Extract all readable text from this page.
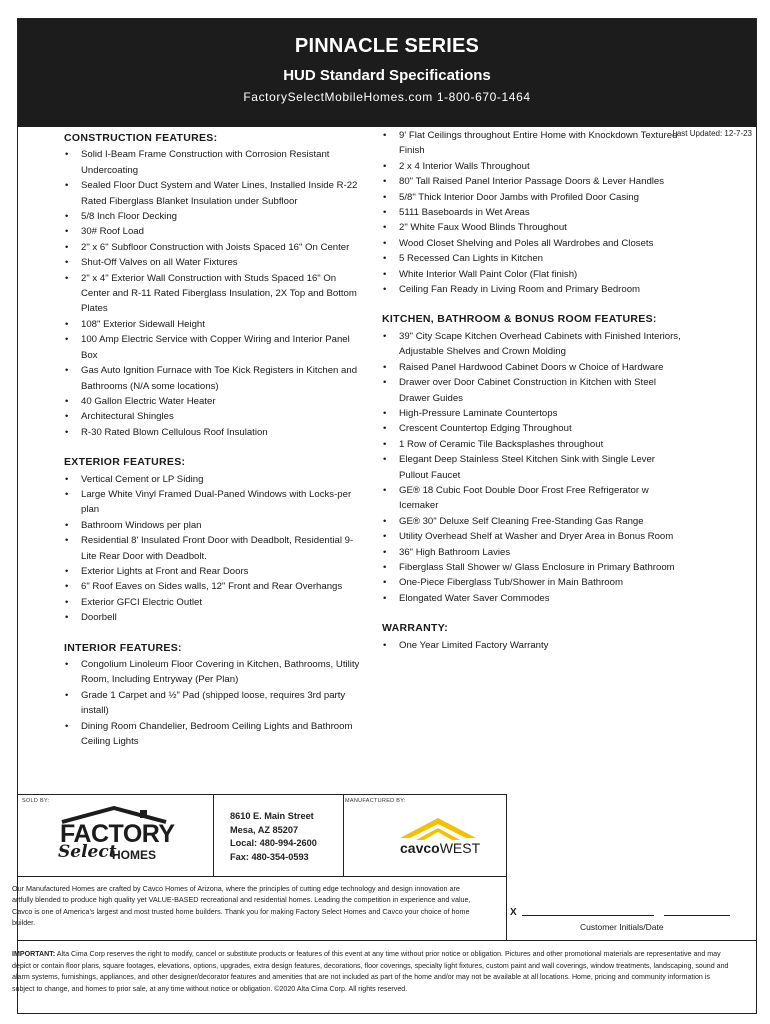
PINNACLE SERIES
HUD Standard Specifications
FactorySelectMobileHomes.com 1-800-670-1464
Last Updated: 12-7-23
CONSTRUCTION FEATURES:
• Solid I-Beam Frame Construction with Corrosion Resistant Undercoating
• Sealed Floor Duct System and Water Lines, Installed Inside R-22 Rated Fiberglass Blanket Insulation under Subfloor
• 5/8 Inch Floor Decking
• 30# Roof Load
• 2" x 6" Subfloor Construction with Joists Spaced 16" On Center
• Shut-Off Valves on all Water Fixtures
• 2" x 4" Exterior Wall Construction with Studs Spaced 16" On Center and R-11 Rated Fiberglass Insulation, 2X Top and Bottom Plates
• 108" Exterior Sidewall Height
• 100 Amp Electric Service with Copper Wiring and Interior Panel Box
• Gas Auto Ignition Furnace with Toe Kick Registers in Kitchen and Bathrooms (N/A some locations)
• 40 Gallon Electric Water Heater
• Architectural Shingles
• R-30 Rated Blown Cellulous Roof Insulation
EXTERIOR FEATURES:
• Vertical Cement or LP Siding
• Large White Vinyl Framed Dual-Paned Windows with Locks-per plan
• Bathroom Windows per plan
• Residential 8' Insulated Front Door with Deadbolt, Residential 9-Lite Rear Door with Deadbolt.
• Exterior Lights at Front and Rear Doors
• 6" Roof Eaves on Sides walls, 12" Front and Rear Overhangs
• Exterior GFCI Electric Outlet
• Doorbell
INTERIOR FEATURES:
• Congolium Linoleum Floor Covering in Kitchen, Bathrooms, Utility Room, Including Entryway (Per Plan)
• Grade 1 Carpet and ½" Pad (shipped loose, requires 3rd party install)
• Dining Room Chandelier, Bedroom Ceiling Lights and Bathroom Ceiling Lights
• 9' Flat Ceilings throughout Entire Home with Knockdown Textured Finish
• 2 x 4 Interior Walls Throughout
• 80" Tall Raised Panel Interior Passage Doors & Lever Handles
• 5/8" Thick Interior Door Jambs with Profiled Door Casing
• 5111 Baseboards in Wet Areas
• 2" White Faux Wood Blinds Throughout
• Wood Closet Shelving and Poles all Wardrobes and Closets
• 5 Recessed Can Lights in Kitchen
• White Interior Wall Paint Color (Flat finish)
• Ceiling Fan Ready in Living Room and Primary Bedroom
KITCHEN, BATHROOM & BONUS ROOM FEATURES:
• 39" City Scape Kitchen Overhead Cabinets with Finished Interiors, Adjustable Shelves and Crown Molding
• Raised Panel Hardwood Cabinet Doors w Choice of Hardware
• Drawer over Door Cabinet Construction in Kitchen with Steel Drawer Guides
• High-Pressure Laminate Countertops
• Crescent Countertop Edging Throughout
• 1 Row of Ceramic Tile Backsplashes throughout
• Elegant Deep Stainless Steel Kitchen Sink with Single Lever Pullout Faucet
• GE® 18 Cubic Foot Double Door Frost Free Refrigerator w Icemaker
• GE® 30" Deluxe Self Cleaning Free-Standing Gas Range
• Utility Overhead Shelf at Washer and Dryer Area in Bonus Room
• 36" High Bathroom Lavies
• Fiberglass Stall Shower w/ Glass Enclosure in Primary Bathroom
• One-Piece Fiberglass Tub/Shower in Main Bathroom
• Elongated Water Saver Commodes
WARRANTY:
• One Year Limited Factory Warranty
SOLD BY:	MANUFACTURED BY:
FACTORY
Select
HOMES
8610 E. Main Street
Mesa, AZ 85207
Local: 480-994-2600
Fax: 480-354-0593
cavcoWEST
Our Manufactured Homes are crafted by Cavco Homes of Arizona, where the principles of cutting edge technology and design innovation are artfully blended to produce high quality yet VALUE-BASED recreational and residential homes. Leading the competition in experience and value, Cavco is one of America's largest and most trusted home builders. Thank you for making Factory Select Homes and Cavco your choice of home builder.
X
Customer Initials/Date
IMPORTANT: Alta Cima Corp reserves the right to modify, cancel or substitute products or features of this event at any time without prior notice or obligation. Pictures and other promotional materials are representative and may depict or contain floor plans, square footages, elevations, options, upgrades, extra design features, decorations, floor coverings, specialty light fixtures, custom paint and wall coverings, window treatments, landscaping, sound and alarm systems, furnishings, appliances, and other designer/decorator features and amenities that are not included as part of the home and/or may not be available at all locations. Home, pricing and community information is subject to change, and homes to prior sale, at any time without notice or obligation. ©2020 Alta Cima Corp. All rights reserved.
